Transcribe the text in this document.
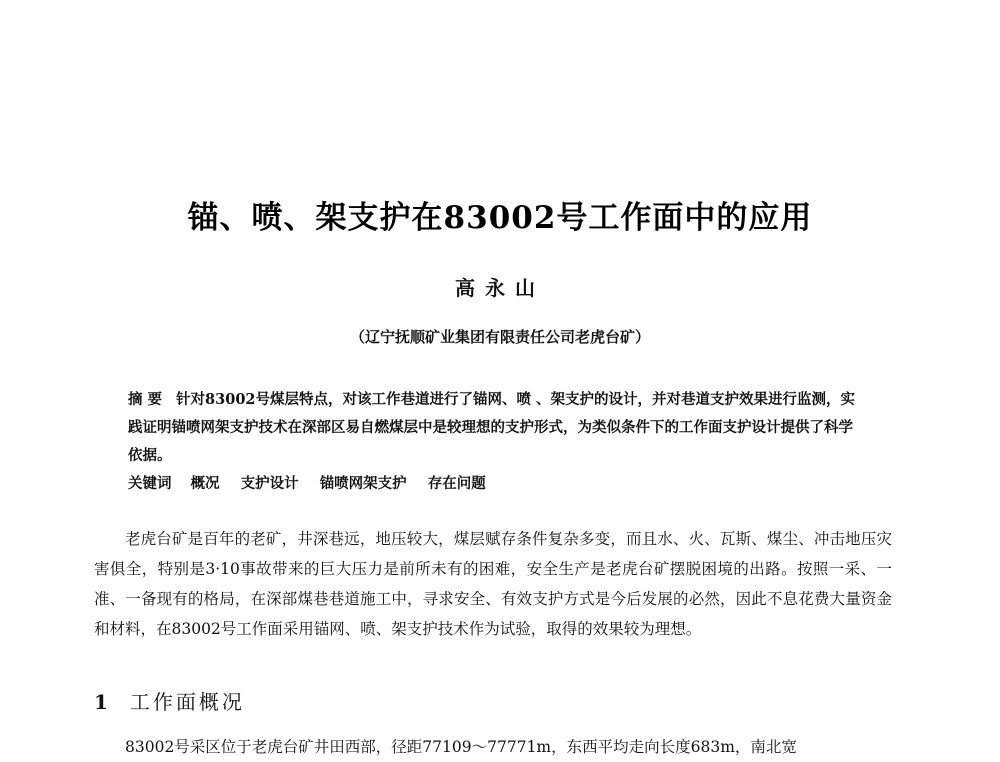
锚、喷、架支护在83002号工作面中的应用
高永山
（辽宁抚顺矿业集团有限责任公司老虎台矿）
摘 要 针对83002号煤层特点，对该工作巷道进行了锚网、喷 、架支护的设计，并对巷道支护效果进行监测，实践证明锚喷网架支护技术在深部区易自燃煤层中是较理想的支护形式，为类似条件下的工作面支护设计提供了科学依据。
关键词 概况 支护设计 锚喷网架支护 存在问题

老虎台矿是百年的老矿，井深巷远，地压较大，煤层赋存条件复杂多变，而且水、火、瓦斯、煤尘、冲击地压灾害俱全，特别是3·10事故带来的巨大压力是前所未有的困难，安全生产是老虎台矿摆脱困境的出路。按照一采、一准、一备现有的格局，在深部煤巷巷道施工中，寻求安全、有效支护方式是今后发展的必然，因此不息花费大量资金和材料，在83002号工作面采用锚网、喷、架支护技术作为试验，取得的效果较为理想。

1 工作面概况

83002号采区位于老虎台矿井田西部，径距77109～77771m，东西平均走向长度683m，南北宽
